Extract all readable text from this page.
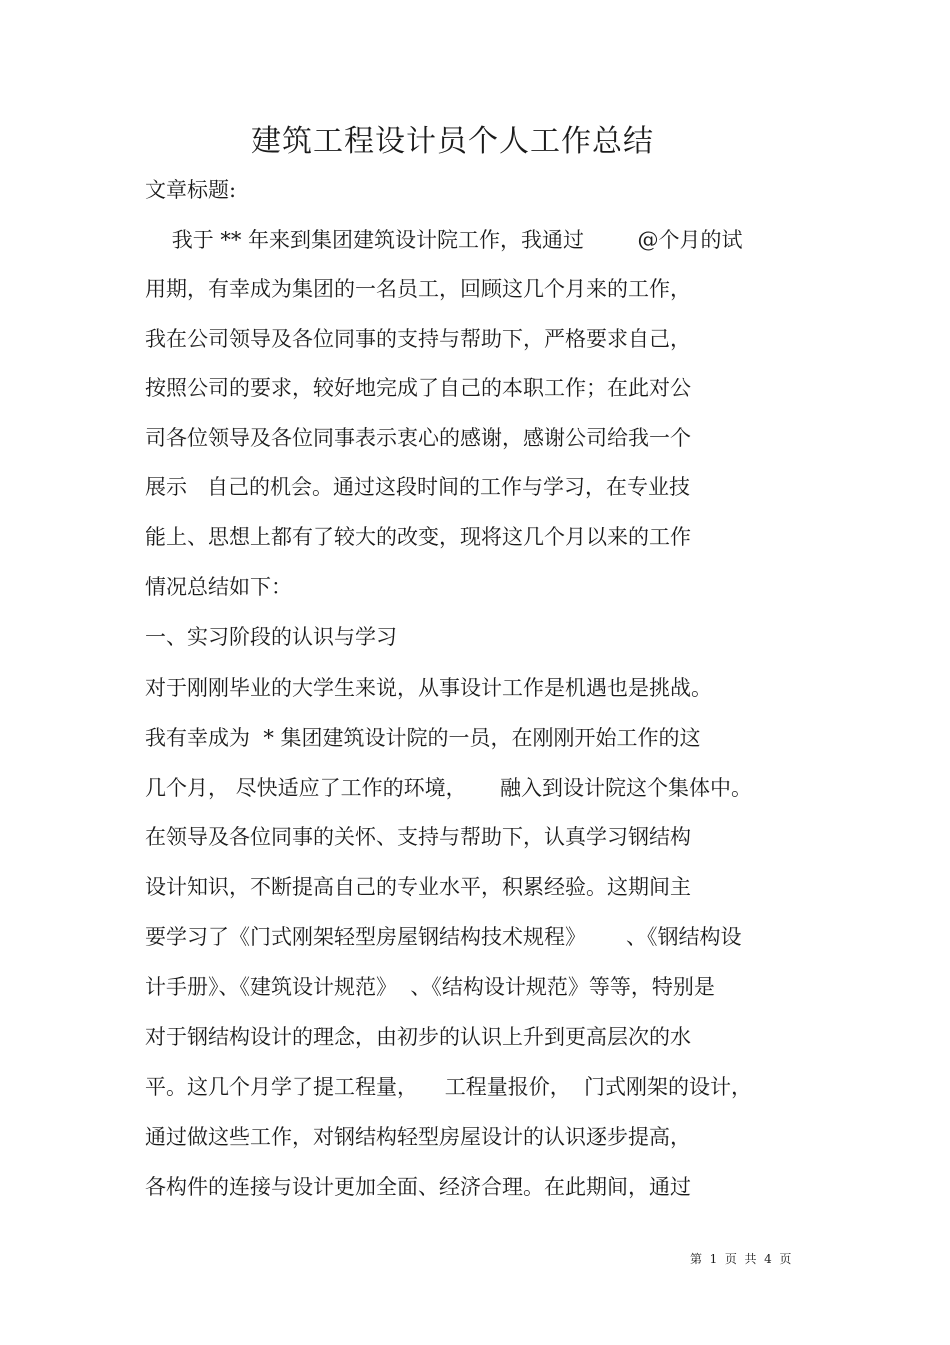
建筑工程设计员个人工作总结
文章标题:
我于 ** 年来到集团建筑设计院工作，我通过        @个月的试
用期，有幸成为集团的一名员工，回顾这几个月来的工作，
我在公司领导及各位同事的支持与帮助下，严格要求自己，
按照公司的要求，较好地完成了自己的本职工作；在此对公
司各位领导及各位同事表示衷心的感谢，感谢公司给我一个
展示   自己的机会。通过这段时间的工作与学习，在专业技
能上、思想上都有了较大的改变，现将这几个月以来的工作
情况总结如下：
一、实习阶段的认识与学习
对于刚刚毕业的大学生来说，从事设计工作是机遇也是挑战。
我有幸成为  * 集团建筑设计院的一员，在刚刚开始工作的这
几个月， 尽快适应了工作的环境，     融入到设计院这个集体中。
在领导及各位同事的关怀、支持与帮助下，认真学习钢结构
设计知识，不断提高自己的专业水平，积累经验。这期间主
要学习了《门式刚架轻型房屋钢结构技术规程》      、《钢结构设
计手册》、《建筑设计规范》  、《结构设计规范》等等，特别是
对于钢结构设计的理念，由初步的认识上升到更高层次的水
平。这几个月学了提工程量，    工程量报价，  门式刚架的设计，
通过做这些工作，对钢结构轻型房屋设计的认识逐步提高，
各构件的连接与设计更加全面、经济合理。在此期间，通过
第  1  页  共  4  页
